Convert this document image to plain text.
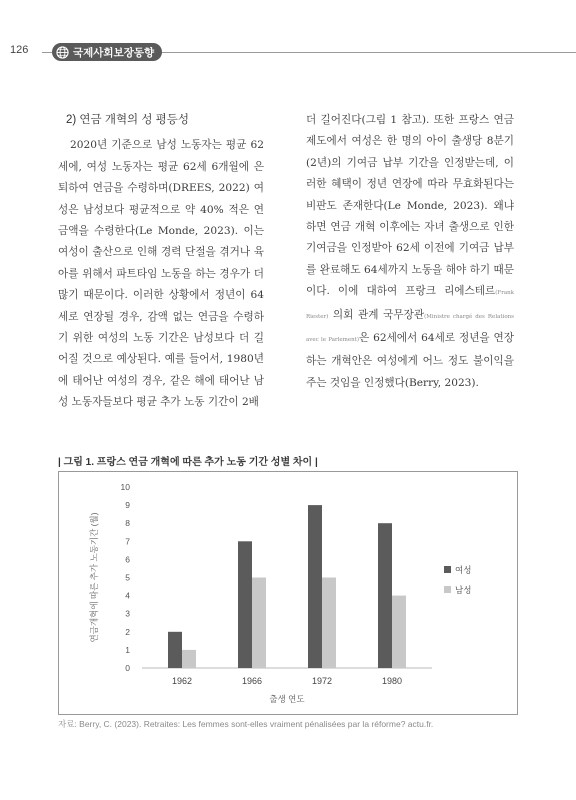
126	국제사회보장동향
2) 연금 개혁의 성 평등성

2020년 기준으로 남성 노동자는 평균 62세에, 여성 노동자는 평균 62세 6개월에 은퇴하여 연금을 수령하며(DREES, 2022) 여성은 남성보다 평균적으로 약 40% 적은 연금액을 수령한다(Le Monde, 2023). 이는 여성이 출산으로 인해 경력 단절을 겪거나 육아를 위해서 파트타임 노동을 하는 경우가 더 많기 때문이다. 이러한 상황에서 정년이 64세로 연장될 경우, 감액 없는 연금을 수령하기 위한 여성의 노동 기간은 남성보다 더 길어질 것으로 예상된다. 예를 들어서, 1980년에 태어난 여성의 경우, 같은 해에 태어난 남성 노동자들보다 평균 추가 노동 기간이 2배

더 길어진다(그림 1 참고). 또한 프랑스 연금제도에서 여성은 한 명의 아이 출생당 8분기(2년)의 기여금 납부 기간을 인정받는데, 이러한 혜택이 정년 연장에 따라 무효화된다는 비판도 존재한다(Le Monde, 2023). 왜냐하면 연금 개혁 이후에는 자녀 출생으로 인한 기여금을 인정받아 62세 이전에 기여금 납부를 완료해도 64세까지 노동을 해야 하기 때문이다. 이에 대하여 프랑크 리에스테르(Frank Riester) 의회 관계 국무장관(Ministre chargé des Relations avec le Parlement)은 62세에서 64세로 정년을 연장하는 개혁안은 여성에게 어느 정도 불이익을 주는 것임을 인정했다(Berry, 2023).

| 그림 1. 프랑스 연금 개혁에 따른 추가 노동 기간 성별 차이 |
0
1
2
3
4
5
6
7
8
9
10
1962	1966	1972	1980
출생 연도
연금개혁에 따른 추가 노동기간 (월)	여성
남성
자료: Berry, C. (2023). Retraites: Les femmes sont-elles vraiment pénalisées par la réforme? actu.fr.
